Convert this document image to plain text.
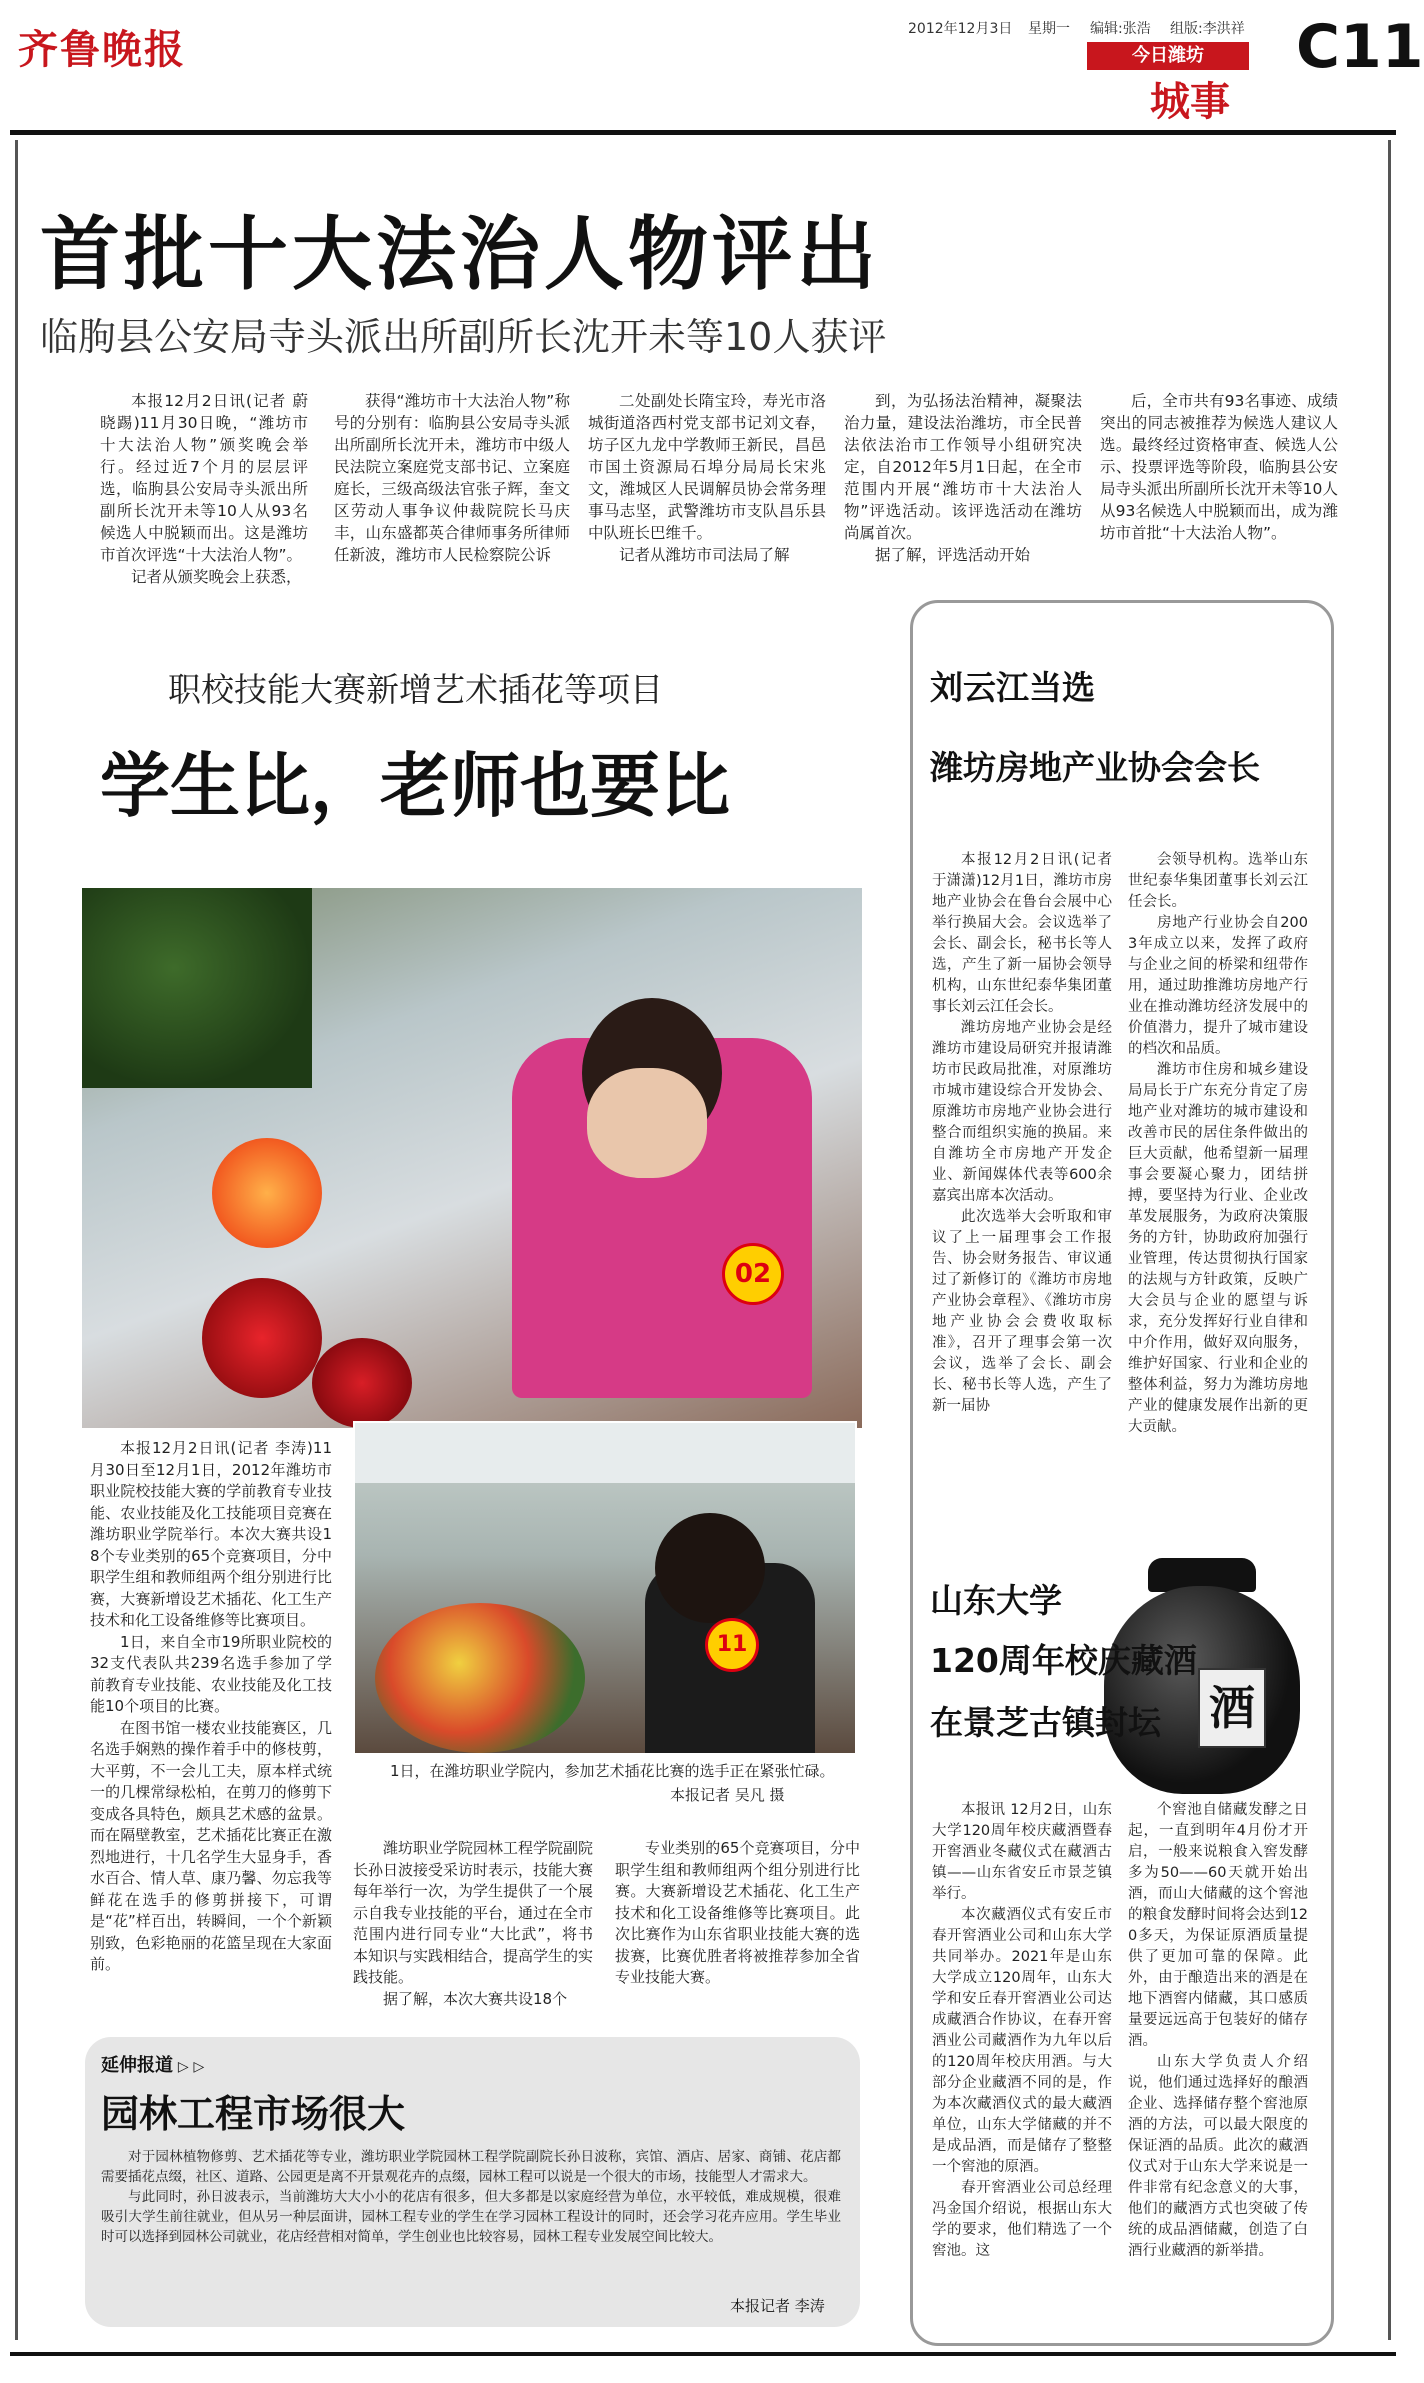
齐鲁晚报	2012年12月3日 星期一 编辑:张浩 组版:李洪祥
今日潍坊
城事
C11
首批十大法治人物评出
临朐县公安局寺头派出所副所长沈开未等10人获评

本报12月2日讯(记者 蔚晓踢)11月30日晚，“潍坊市十大法治人物”颁奖晚会举行。经过近7个月的层层评选，临朐县公安局寺头派出所副所长沈开未等10人从93名候选人中脱颖而出。这是潍坊市首次评选“十大法治人物”。

记者从颁奖晚会上获悉，

获得“潍坊市十大法治人物”称号的分别有：临朐县公安局寺头派出所副所长沈开未，潍坊市中级人民法院立案庭党支部书记、立案庭庭长，三级高级法官张子辉，奎文区劳动人事争议仲裁院院长马庆丰，山东盛都英合律师事务所律师任新波，潍坊市人民检察院公诉

二处副处长隋宝玲，寿光市洛城街道洛西村党支部书记刘文春，坊子区九龙中学教师王新民，昌邑市国土资源局石埠分局局长宋兆文，潍城区人民调解员协会常务理事马志坚，武警潍坊市支队昌乐县中队班长巴维千。

记者从潍坊市司法局了解

到，为弘扬法治精神，凝聚法治力量，建设法治潍坊，市全民普法依法治市工作领导小组研究决定，自2012年5月1日起，在全市范围内开展“潍坊市十大法治人物”评选活动。该评选活动在潍坊尚属首次。

据了解，评选活动开始

后，全市共有93名事迹、成绩突出的同志被推荐为候选人建议人选。最终经过资格审查、候选人公示、投票评选等阶段，临朐县公安局寺头派出所副所长沈开未等10人从93名候选人中脱颖而出，成为潍坊市首批“十大法治人物”。

职校技能大赛新增艺术插花等项目
学生比，老师也要比
02
11
1日，在潍坊职业学院内，参加艺术插花比赛的选手正在紧张忙碌。
本报记者 吴凡 摄

本报12月2日讯(记者 李涛)11月30日至12月1日，2012年潍坊市职业院校技能大赛的学前教育专业技能、农业技能及化工技能项目竞赛在潍坊职业学院举行。本次大赛共设18个专业类别的65个竞赛项目，分中职学生组和教师组两个组分别进行比赛，大赛新增设艺术插花、化工生产技术和化工设备维修等比赛项目。

1日，来自全市19所职业院校的32支代表队共239名选手参加了学前教育专业技能、农业技能及化工技能10个项目的比赛。

在图书馆一楼农业技能赛区，几名选手娴熟的操作着手中的修枝剪，大平剪，不一会儿工夫，原本样式统一的几棵常绿松柏，在剪刀的修剪下变成各具特色，颇具艺术感的盆景。而在隔壁教室，艺术插花比赛正在激烈地进行，十几名学生大显身手，香水百合、情人草、康乃馨、勿忘我等鲜花在选手的修剪拼接下，可谓是“花”样百出，转瞬间，一个个新颖别致，色彩艳丽的花篮呈现在大家面前。

潍坊职业学院园林工程学院副院长孙日波接受采访时表示，技能大赛每年举行一次，为学生提供了一个展示自我专业技能的平台，通过在全市范围内进行同专业“大比武”，将书本知识与实践相结合，提高学生的实践技能。

据了解，本次大赛共设18个

专业类别的65个竞赛项目，分中职学生组和教师组两个组分别进行比赛。大赛新增设艺术插花、化工生产技术和化工设备维修等比赛项目。此次比赛作为山东省职业技能大赛的选拔赛，比赛优胜者将被推荐参加全省专业技能大赛。

延伸报道 ▷ ▷
园林工程市场很大

对于园林植物修剪、艺术插花等专业，潍坊职业学院园林工程学院副院长孙日波称，宾馆、酒店、居家、商铺、花店都需要插花点缀，社区、道路、公园更是离不开景观花卉的点缀，园林工程可以说是一个很大的市场，技能型人才需求大。

与此同时，孙日波表示，当前潍坊大大小小的花店有很多，但大多都是以家庭经营为单位，水平较低，难成规模，很难吸引大学生前往就业，但从另一种层面讲，园林工程专业的学生在学习园林工程设计的同时，还会学习花卉应用。学生毕业时可以选择到园林公司就业，花店经营相对简单，学生创业也比较容易，园林工程专业发展空间比较大。

本报记者 李涛
刘云江当选
潍坊房地产业协会会长

本报12月2日讯(记者 于潇潇)12月1日，潍坊市房地产业协会在鲁台会展中心举行换届大会。会议选举了会长、副会长，秘书长等人选，产生了新一届协会领导机构，山东世纪泰华集团董事长刘云江任会长。

潍坊房地产业协会是经潍坊市建设局研究并报请潍坊市民政局批准，对原潍坊市城市建设综合开发协会、原潍坊市房地产业协会进行整合而组织实施的换届。来自潍坊全市房地产开发企业、新闻媒体代表等600余嘉宾出席本次活动。

此次选举大会听取和审议了上一届理事会工作报告、协会财务报告、审议通过了新修订的《潍坊市房地产业协会章程》、《潍坊市房地产业协会会费收取标准》，召开了理事会第一次会议，选举了会长、副会长、秘书长等人选，产生了新一届协

会领导机构。选举山东世纪泰华集团董事长刘云江任会长。

房地产行业协会自2003年成立以来，发挥了政府与企业之间的桥梁和纽带作用，通过助推潍坊房地产行业在推动潍坊经济发展中的价值潜力，提升了城市建设的档次和品质。

潍坊市住房和城乡建设局局长于广东充分肯定了房地产业对潍坊的城市建设和改善市民的居住条件做出的巨大贡献，他希望新一届理事会要凝心聚力，团结拼搏，要坚持为行业、企业改革发展服务，为政府决策服务的方针，协助政府加强行业管理，传达贯彻执行国家的法规与方针政策，反映广大会员与企业的愿望与诉求，充分发挥好行业自律和中介作用，做好双向服务，维护好国家、行业和企业的整体利益，努力为潍坊房地产业的健康发展作出新的更大贡献。

酒
山东大学
120周年校庆藏酒
在景芝古镇封坛

本报讯 12月2日，山东大学120周年校庆藏酒暨春开窖酒业冬藏仪式在藏酒古镇——山东省安丘市景芝镇举行。

本次藏酒仪式有安丘市春开窖酒业公司和山东大学共同举办。2021年是山东大学成立120周年，山东大学和安丘春开窖酒业公司达成藏酒合作协议，在春开窖酒业公司藏酒作为九年以后的120周年校庆用酒。与大部分企业藏酒不同的是，作为本次藏酒仪式的最大藏酒单位，山东大学储藏的并不是成品酒，而是储存了整整一个窖池的原酒。

春开窖酒业公司总经理冯金国介绍说，根据山东大学的要求，他们精选了一个窖池。这

个窖池自储藏发酵之日起，一直到明年4月份才开启，一般来说粮食入窖发酵多为50——60天就开始出酒，而山大储藏的这个窖池的粮食发酵时间将会达到120多天，为保证原酒质量提供了更加可靠的保障。此外，由于酿造出来的酒是在地下酒窖内储藏，其口感质量要远远高于包装好的储存酒。

山东大学负责人介绍说，他们通过选择好的酿酒企业、选择储存整个窖池原酒的方法，可以最大限度的保证酒的品质。此次的藏酒仪式对于山东大学来说是一件非常有纪念意义的大事，他们的藏酒方式也突破了传统的成品酒储藏，创造了白酒行业藏酒的新举措。
